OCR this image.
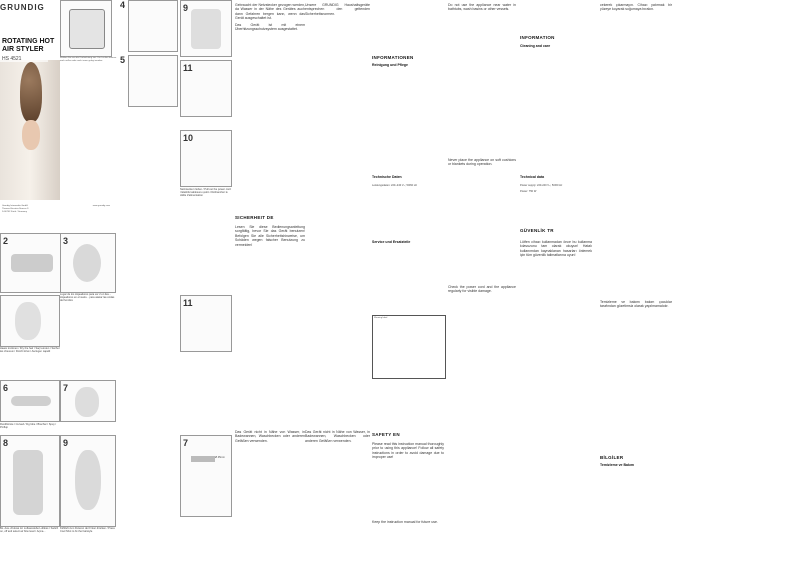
GRUNDIG
ROTATING HOT
AIR STYLER
HS 4521
Grundig Intermedia GmbH
Thomas-Einstein-Strasse 9
D-90762 Fürth / Germany
www.grundig.com
Wählen Sie nun die Drehrichtung aus. Die Locken können nach außen oder nach innen gelegt werden.
2	3
Lugar de los Hojeadores para ver 2 en lieu... Hojeadores en el suelo... para atacar las ondas del hombre
Haare trocknen / Dry the hair / Saç kurutun / Sécher les cheveux / Drochi krivë / Asciuga i capelli
6
Rundbürste / Curved / Fig lobe / Brechar / Spuy / Pinflup
7
8
Bo. Aus..chuluss ist: Luftausstube Luftloss / Switch on, off and select air flow level / Açma...
9
Kühlluft zum Fixieren der Frisur drücken / Press Cool Shot to fix the hairstyle
4
5
9
11
10
Netzstecker ziehen / Pull out the power cord / Elektrik kablosunu çekin / Débrancher le câble d'alimentation
11
7
Ø 45mm

Gebraucht der Netzstecker gezogen werden, da Wasser in der Nähe des Gerätes auch dann Gefahren bergen kann, wenn das Gerät ausgeschaltet ist.

Das Gerät ist mit einem Überhitzungsschutzsystem ausgestattet.

SICHERHEIT DE
Lesen Sie diese Bedienungsanleitung sorgfältig, bevor Sie das Gerät benutzen! Befolgen Sie alle Sicherheitshinweise, um Schäden wegen falscher Benutzung zu vermeiden!
Das Gerät nicht in Nähe von Wasser, in Badewannen, Waschbecken oder anderen Gefäßen verwenden.
Unsere GRUNDIG Haushaltsgeräte entsprechen den geltenden Sicherheitsnormen.
Das Gerät nicht in Nähe von Wasser, in Badewannen, Waschbecken oder anderen Gefäßen verwenden.
INFORMATIONEN
Reinigung und Pflege
Technische Daten
Leistungsdaten: 220–240 V~; 50/60 Hz
Service und Ersatzteile
Warning label
SAFETY EN
Please read this instruction manual thoroughly prior to using this appliance! Follow all safety instructions in order to avoid damage due to improper use!
Keep the instruction manual for future use.
Do not use the appliance near water in bathtubs, wash basins or other vessels.
Never place the appliance on soft cushions or blankets during operation.
Check the power cord and the appliance regularly for visible damage.
INFORMATION
Cleaning and care
Technical data
Power supply: 220-240 V~; 50/60 Hz
Power: 750 W
GÜVENLİK TR
Lütfen cihazı kullanmadan önce bu kullanma kılavuzunu tam olarak okuyun! Hatalı kullanımdan kaynaklanan hasarları önlemek için tüm güvenlik talimatlarına uyun!
cekerek çıkarmayın. Cihazı yatırmak bir yüzeye koyarak soğumaya bırakın.
Temizleme ve bakımı bakım çocuklar tarafından gözetimsiz olarak yapılmamalıdır.
BİLGİLER
Temizleme ve Bakım
